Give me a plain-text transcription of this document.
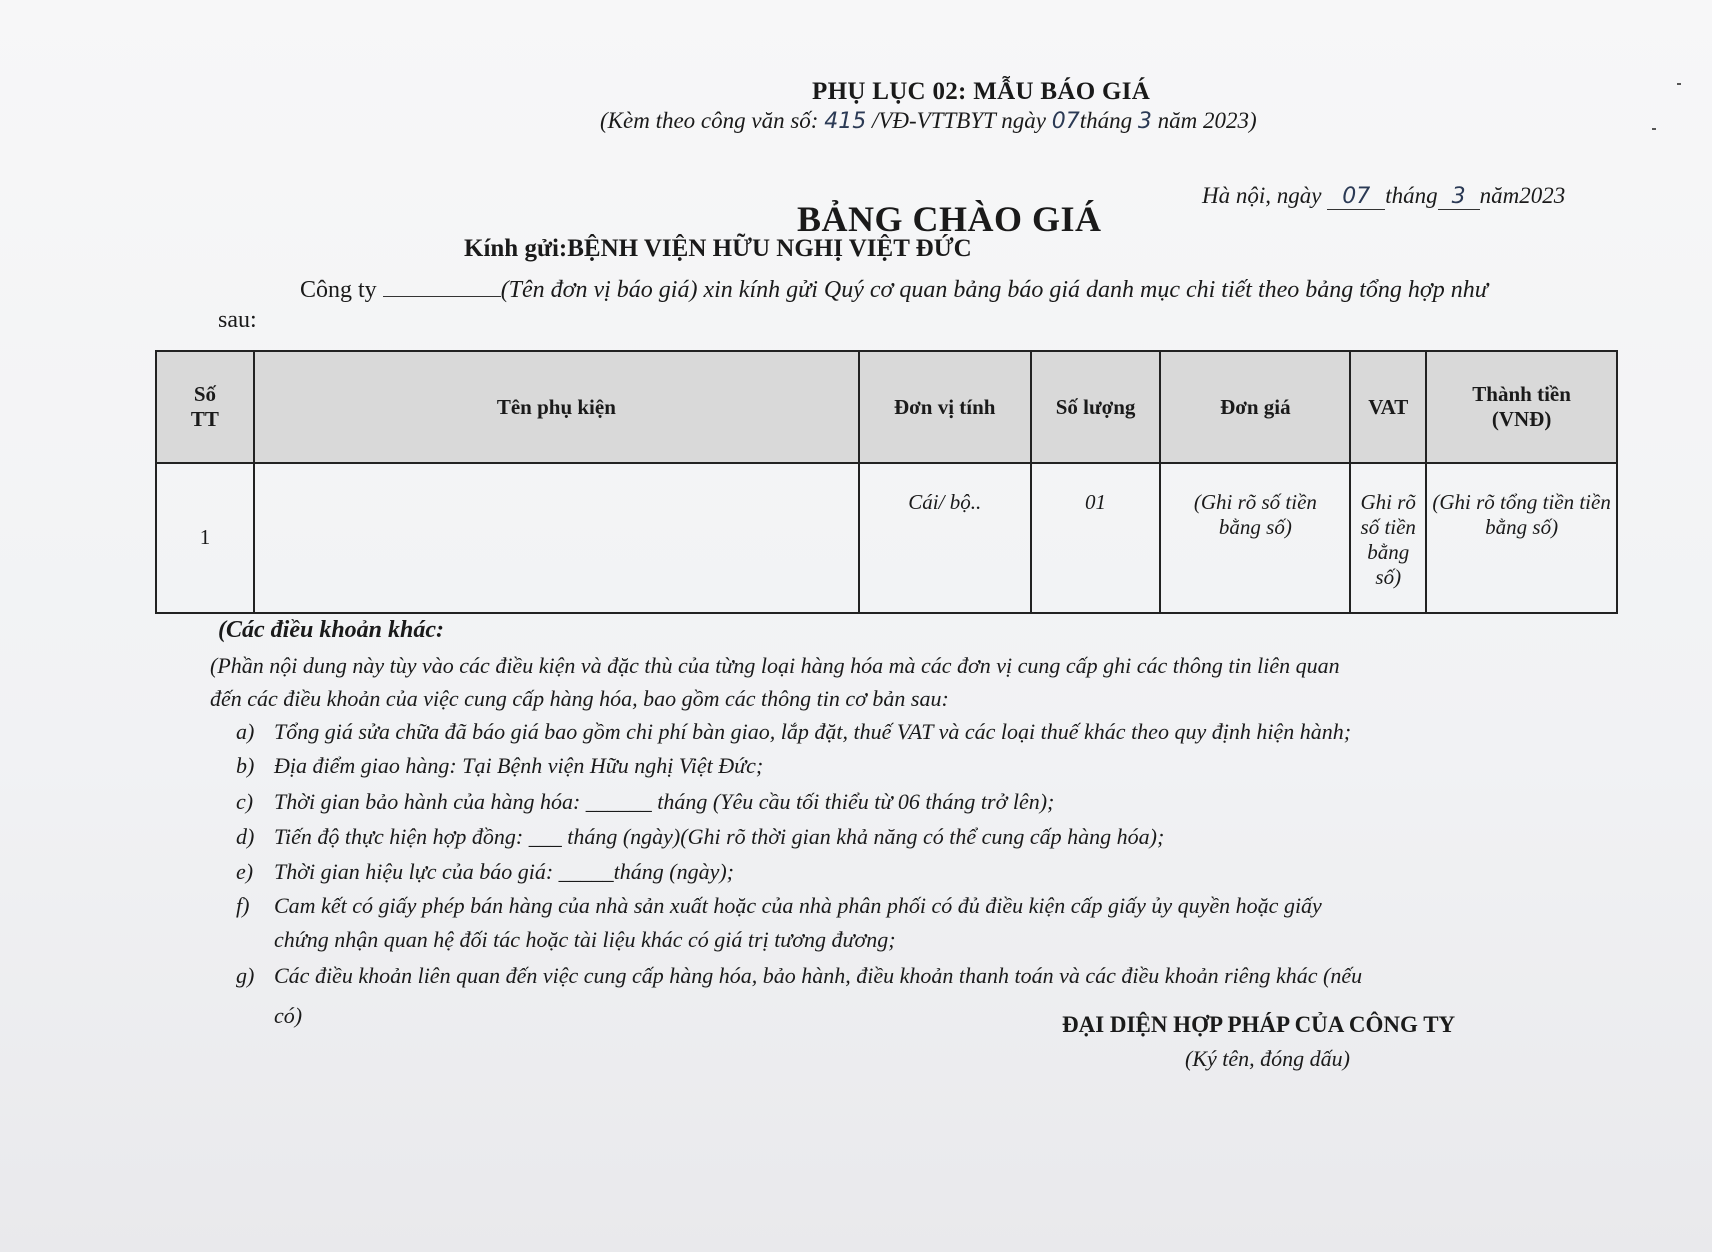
PHỤ LỤC 02: MẪU BÁO GIÁ
(Kèm theo công văn số: 415 /VĐ-VTTBYT ngày 07tháng 3 năm 2023)
Hà nội, ngày 07 tháng 3 năm2023
BẢNG CHÀO GIÁ
Kính gửi:BỆNH VIỆN HỮU NGHỊ VIỆT ĐỨC
Công ty	(Tên đơn vị báo giá) xin kính gửi Quý cơ quan bảng báo giá danh mục chi tiết theo bảng tổng hợp như
sau:
Số
TT	Tên phụ kiện	Đơn vị tính	Số lượng	Đơn giá	VAT	Thành tiền
(VNĐ)
1		Cái/ bộ..	01	(Ghi rõ số tiền bằng số)	Ghi rõ số tiền bằng số)	(Ghi rõ tổng tiền tiền bằng số)
(Các điều khoản khác:
(Phần nội dung này tùy vào các điều kiện và đặc thù của từng loại hàng hóa mà các đơn vị cung cấp ghi các thông tin liên quan
đến các điều khoản của việc cung cấp hàng hóa, bao gồm các thông tin cơ bản sau:
a) Tổng giá sửa chữa đã báo giá bao gồm chi phí bàn giao, lắp đặt, thuế VAT và các loại thuế khác theo quy định hiện hành;
b) Địa điểm giao hàng: Tại Bệnh viện Hữu nghị Việt Đức;
c) Thời gian bảo hành của hàng hóa: ______ tháng (Yêu cầu tối thiểu từ 06 tháng trở lên);
d) Tiến độ thực hiện hợp đồng: ___ tháng (ngày)(Ghi rõ thời gian khả năng có thể cung cấp hàng hóa);
e) Thời gian hiệu lực của báo giá: _____tháng (ngày);
f) Cam kết có giấy phép bán hàng của nhà sản xuất hoặc của nhà phân phối có đủ điều kiện cấp giấy ủy quyền hoặc giấy
chứng nhận quan hệ đối tác hoặc tài liệu khác có giá trị tương đương;
g) Các điều khoản liên quan đến việc cung cấp hàng hóa, bảo hành, điều khoản thanh toán và các điều khoản riêng khác (nếu
có)	ĐẠI DIỆN HỢP PHÁP CỦA CÔNG TY
(Ký tên, đóng dấu)
